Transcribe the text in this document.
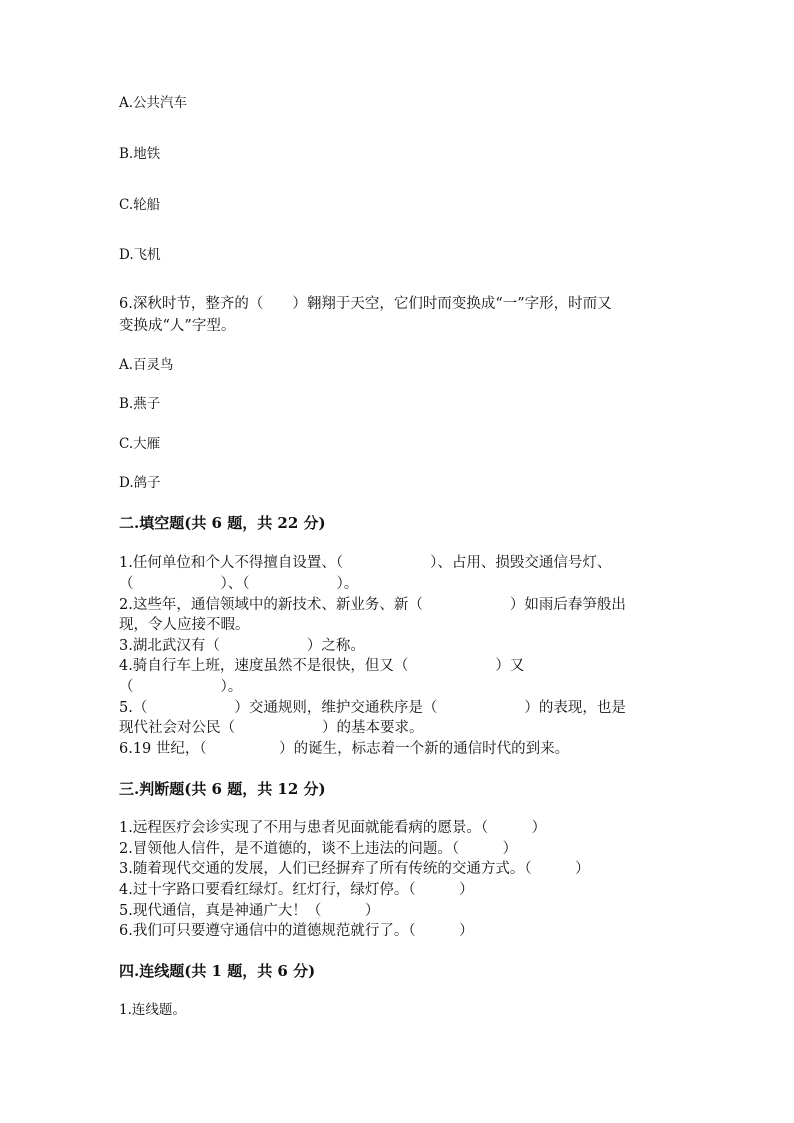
A.公共汽车
B.地铁
C.轮船
D.飞机
6.深秋时节，整齐的（　　）翱翔于天空，它们时而变换成“一”字形，时而又
变换成“人”字型。
A.百灵鸟
B.燕子
C.大雁
D.鸽子
二.填空题(共 6 题，共 22 分)
1.任何单位和个人不得擅自设置、（　　　　　　）、占用、损毁交通信号灯、
（　　　　　　）、（　　　　　　）。
2.这些年，通信领域中的新技术、新业务、新（　　　　　　）如雨后春笋般出
现，令人应接不暇。
3.湖北武汉有（　　　　　　）之称。
4.骑自行车上班，速度虽然不是很快，但又（　　　　　　）又
（　　　　　　）。
5.（　　　　　　）交通规则，维护交通秩序是（　　　　　　）的表现，也是
现代社会对公民（　　　　　　）的基本要求。
6.19 世纪，（　　　　　）的诞生，标志着一个新的通信时代的到来。
三.判断题(共 6 题，共 12 分)
1.远程医疗会诊实现了不用与患者见面就能看病的愿景。（　　　）
2.冒领他人信件，是不道德的，谈不上违法的问题。（　　　）
3.随着现代交通的发展，人们已经摒弃了所有传统的交通方式。（　　　）
4.过十字路口要看红绿灯。红灯行，绿灯停。（　　　）
5.现代通信，真是神通广大！（　　　）
6.我们可只要遵守通信中的道德规范就行了。（　　　）
四.连线题(共 1 题，共 6 分)
1.连线题。
